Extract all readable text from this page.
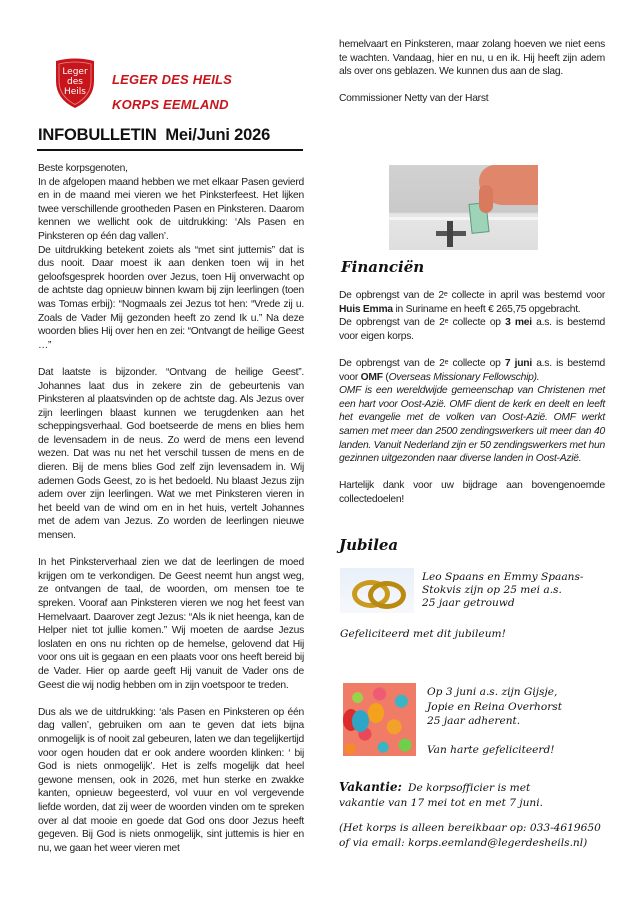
Leger
des
Heils
LEGER DES HEILS
KORPS EEMLAND
INFOBULLETIN  Mei/Juni 2026

Beste korpsgenoten,

In de afgelopen maand hebben we met elkaar Pasen gevierd en in de maand mei vieren we het Pinksterfeest. Het lijken twee verschillende grootheden Pasen en Pinksteren. Daarom kennen we wellicht ook de uitdrukking: ‘Als Pasen en Pinksteren op één dag vallen’.

De uitdrukking betekent zoiets als “met sint juttemis” dat is dus nooit. Daar moest ik aan denken toen wij in het geloofsgesprek hoorden over Jezus, toen Hij onverwacht op de achtste dag opnieuw binnen kwam bij zijn leerlingen (toen was Tomas erbij): “Nogmaals zei Jezus tot hen: “Vrede zij u. Zoals de Vader Mij gezonden heeft zo zend Ik u.” Na deze woorden blies Hij over hen en zei: “Ontvangt de heilige Geest …”

Dat laatste is bijzonder. “Ontvang de heilige Geest”. Johannes laat dus in zekere zin de gebeurtenis van Pinksteren al plaatsvinden op de achtste dag. Als Jezus over zijn leerlingen blaast kunnen we terugdenken aan het scheppingsverhaal. God boetseerde de mens en blies hem de levensadem in de neus. Zo werd de mens een levend wezen. Dat was nu net het verschil tussen de mens en de dieren. Bij de mens blies God zelf zijn levensadem in. Wij ademen Gods Geest, zo is het bedoeld. Nu blaast Jezus zijn adem over zijn leerlingen. Wat we met Pinksteren vieren in het beeld van de wind om en in het huis, vertelt Johannes met de adem van Jezus. Zo worden de leerlingen nieuwe mensen.

In het Pinksterverhaal zien we dat de leerlingen de moed krijgen om te verkondigen. De Geest neemt hun angst weg, ze ontvangen de taal, de woorden, om mensen toe te spreken. Vooraf aan Pinksteren vieren we nog het feest van Hemelvaart. Daarover zegt Jezus: “Als ik niet heenga, kan de Helper niet tot jullie komen.” Wij moeten de aardse Jezus loslaten en ons nu richten op de hemelse, gelovend dat Hij voor ons uit is gegaan en een plaats voor ons heeft bereid bij de Vader. Hier op aarde geeft Hij vanuit de Vader ons de Geest die wij nodig hebben om in zijn voetspoor te treden.

Dus als we de uitdrukking: ‘als Pasen en Pinksteren op één dag vallen’, gebruiken om aan te geven dat iets bijna onmogelijk is of nooit zal gebeuren, laten we dan tegelijkertijd voor ogen houden dat er ook andere woorden klinken: ‘ bij God is niets onmogelijk’. Het is zelfs mogelijk dat heel gewone mensen, ook in 2026, met hun sterke en zwakke kanten, opnieuw begeesterd, vol vuur en vol vergevende liefde worden, dat zij weer de woorden vinden om te spreken over al dat mooie en goede dat God ons door Jezus heeft gegeven. Bij God is niets onmogelijk, sint juttemis is hier en nu, we gaan het weer vieren met

hemelvaart en Pinksteren, maar zolang hoeven we niet eens te wachten. Vandaag, hier en nu, u en ik. Hij heeft zijn adem als over ons geblazen. We kunnen dus aan de slag.

Commissioner Netty van der Harst

Financiën

De opbrengst van de 2e collecte in april was bestemd voor Huis Emma in Suriname en heeft € 265,75 opgebracht.

De opbrengst van de 2e collecte op 3 mei a.s. is bestemd voor eigen korps.

De opbrengst van de 2e collecte op 7 juni a.s. is bestemd voor OMF (Overseas Missionary Fellowschip).

OMF is een wereldwijde gemeenschap van Christenen met een hart voor Oost-Azië. OMF dient de kerk en deelt en leeft het evangelie met de volken van Oost-Azië. OMF werkt samen met meer dan 2500 zendingswerkers uit meer dan 40 landen. Vanuit Nederland zijn er 50 zendingswerkers met hun gezinnen uitgezonden naar diverse landen in Oost-Azië.

Hartelijk dank voor uw bijdrage aan bovengenoemde collectedoelen!

Jubilea
Leo Spaans en Emmy Spaans-
Stokvis zijn op 25 mei a.s.
25 jaar getrouwd
Gefeliciteerd met dit jubileum!
Op 3 juni a.s. zijn Gijsje,
Jopie en Reina Overhorst
25 jaar adherent.
Van harte gefeliciteerd!
Vakantie: De korpsofficier is met
vakantie van 17 mei tot en met 7 juni.
(Het korps is alleen bereikbaar op: 033-4619650
of via email: korps.eemland@legerdesheils.nl)
